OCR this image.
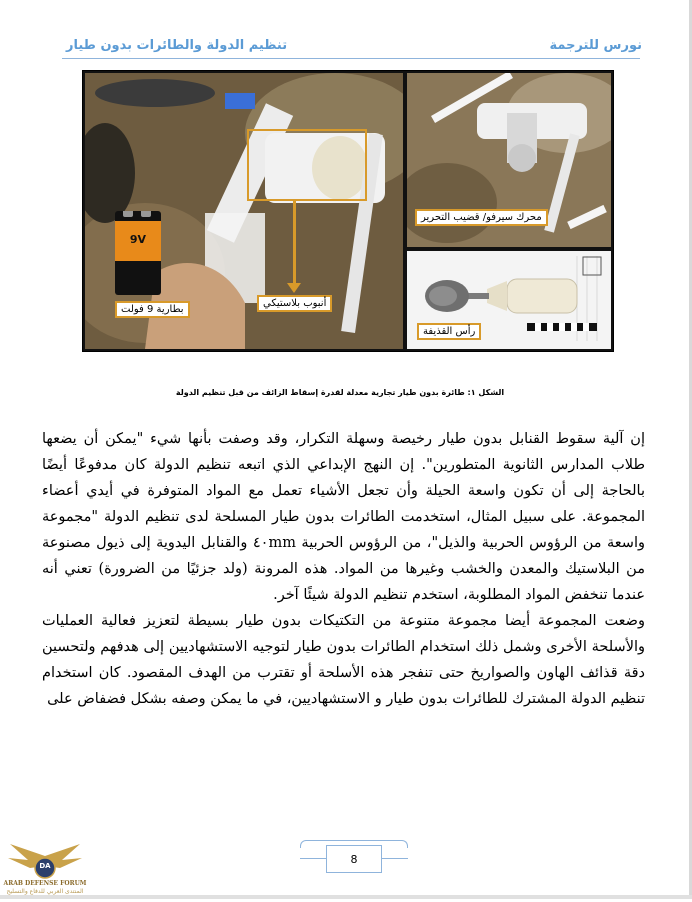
تنظيم الدولة والطائرات بدون طيار	نورس للترجمة
9V
بطارية 9 فولت
أنبوب بلاستيكي
محرك سيرفو/ قضيب التحرير
رأس القذيفة
الشكل ١: طائرة بدون طيار تجارية معدلة لقدرة إسقاط الزائف من قبل تنظيم الدولة

إن آلية سقوط القنابل بدون طيار رخيصة وسهلة التكرار، وقد وصفت بأنها شيء "يمكن أن يضعها طلاب المدارس الثانوية المتطورين". إن النهج الإبداعي الذي اتبعه تنظيم الدولة كان مدفوعًا أيضًا بالحاجة إلى أن تكون واسعة الحيلة وأن تجعل الأشياء تعمل مع المواد المتوفرة في أيدي أعضاء المجموعة. على سبيل المثال، استخدمت الطائرات بدون طيار المسلحة لدى تنظيم الدولة "مجموعة واسعة من الرؤوس الحربية والذيل"، من الرؤوس الحربية ٤٠mm والقنابل اليدوية إلى ذيول مصنوعة من البلاستيك والمعدن والخشب وغيرها من المواد. هذه المرونة (ولد جزئيًا من الضرورة) تعني أنه عندما تنخفض المواد المطلوبة، استخدم تنظيم الدولة شيئًا آخر.

وضعت المجموعة أيضا مجموعة متنوعة من التكتيكات بدون طيار بسيطة لتعزيز فعالية العمليات والأسلحة الأخرى وشمل ذلك استخدام الطائرات بدون طيار لتوجيه الاستشهاديين إلى هدفهم ولتحسين دقة قذائف الهاون والصواريخ حتى تنفجر هذه الأسلحة أو تقترب من الهدف المقصود. كان استخدام تنظيم الدولة المشترك للطائرات بدون طيار و الاستشهاديين، في ما يمكن وصفه بشكل فضفاض على

8
DA
ARAB DEFENSE FORUM
المنتدى العربي للدفاع والتسليح
